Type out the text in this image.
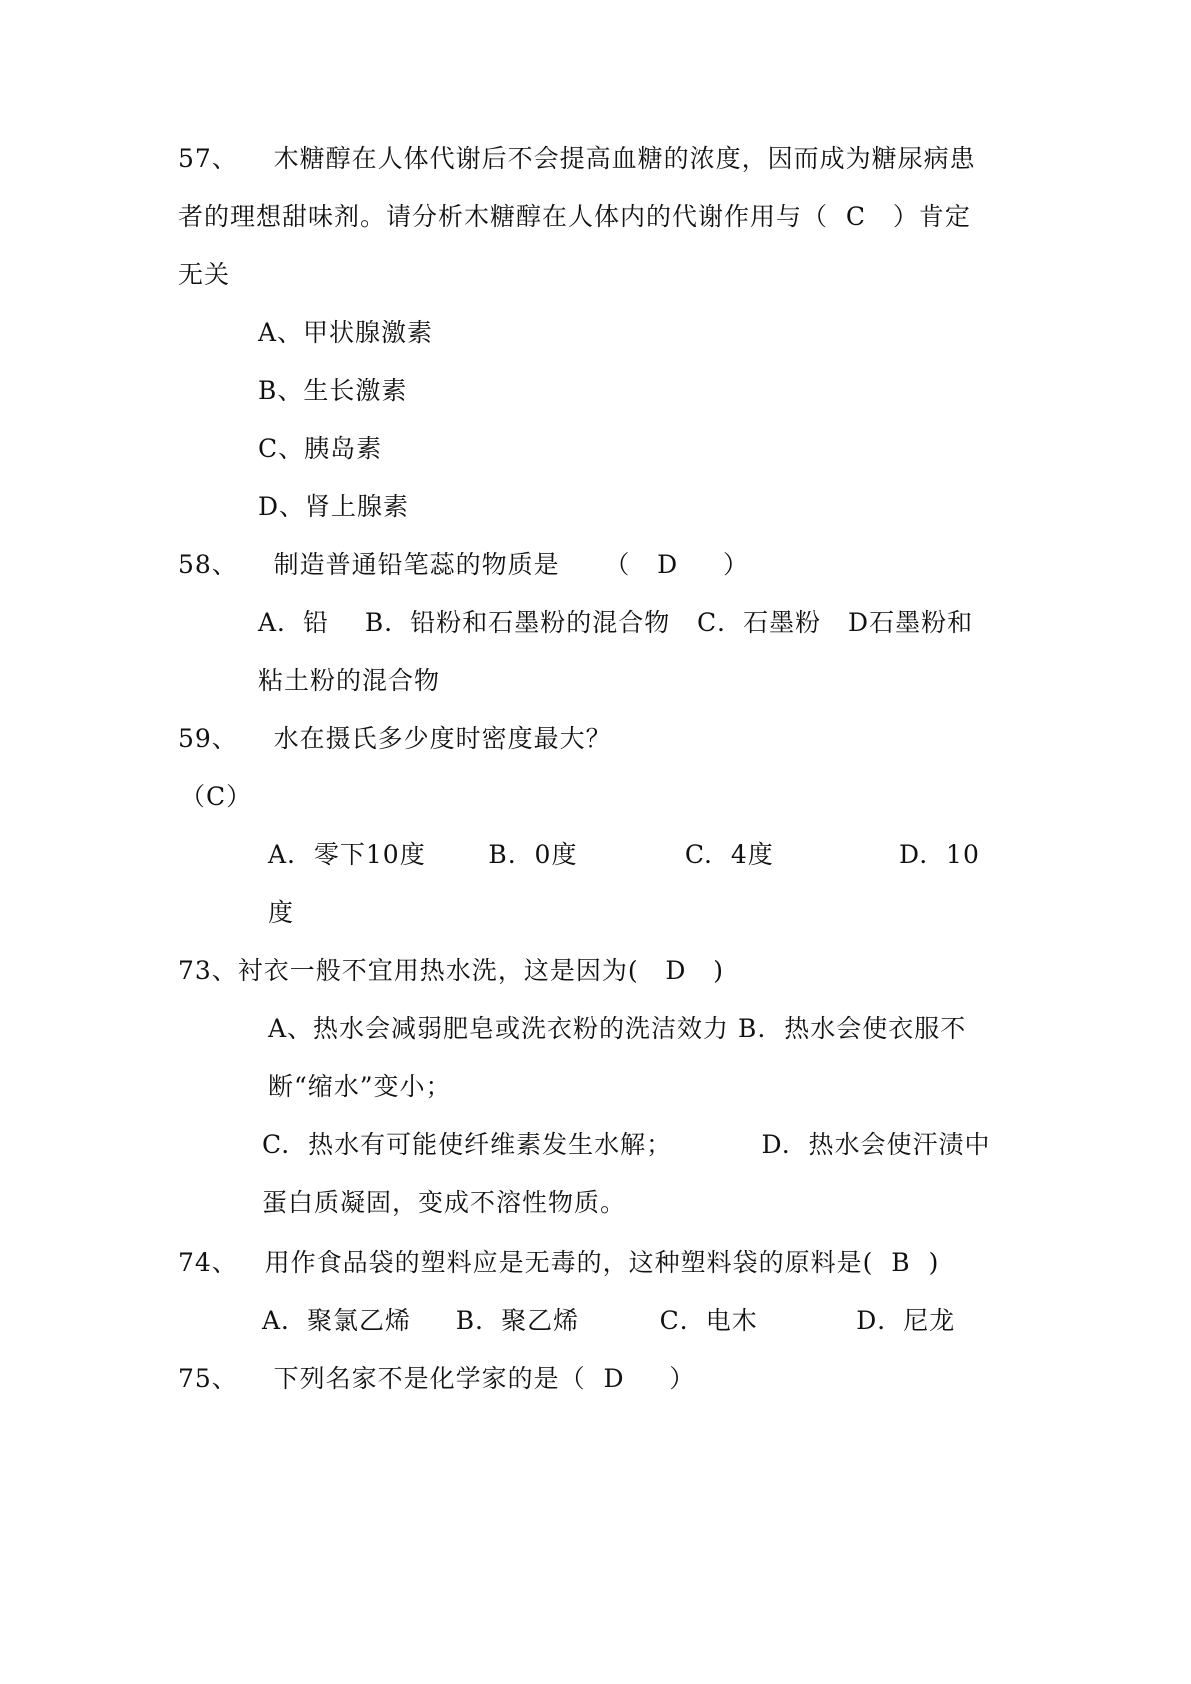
57、    木糖醇在人体代谢后不会提高血糖的浓度，因而成为糖尿病患
者的理想甜味剂。请分析木糖醇在人体内的代谢作用与（  C   ）肯定
无关
A、甲状腺激素
B、生长激素
C、胰岛素
D、肾上腺素
58、    制造普通铅笔蕊的物质是     （   D     ）
A．铅    B．铅粉和石墨粉的混合物   C．石墨粉   D石墨粉和
粘土粉的混合物
59、    水在摄氏多少度时密度最大？
（C）
A.  零下10度       B.  0度            C.  4度              D.  10
度
73、衬衣一般不宜用热水洗，这是因为(   D   )
A、热水会减弱肥皂或洗衣粉的洗洁效力 B.  热水会使衣服不
断“缩水”变小；
C.  热水有可能使纤维素发生水解；          D.  热水会使汗渍中
蛋白质凝固，变成不溶性物质。
74、   用作食品袋的塑料应是无毒的，这种塑料袋的原料是(  B  )
A．聚氯乙烯     B．聚乙烯         C．电木           D．尼龙
75、    下列名家不是化学家的是（  D     ）
